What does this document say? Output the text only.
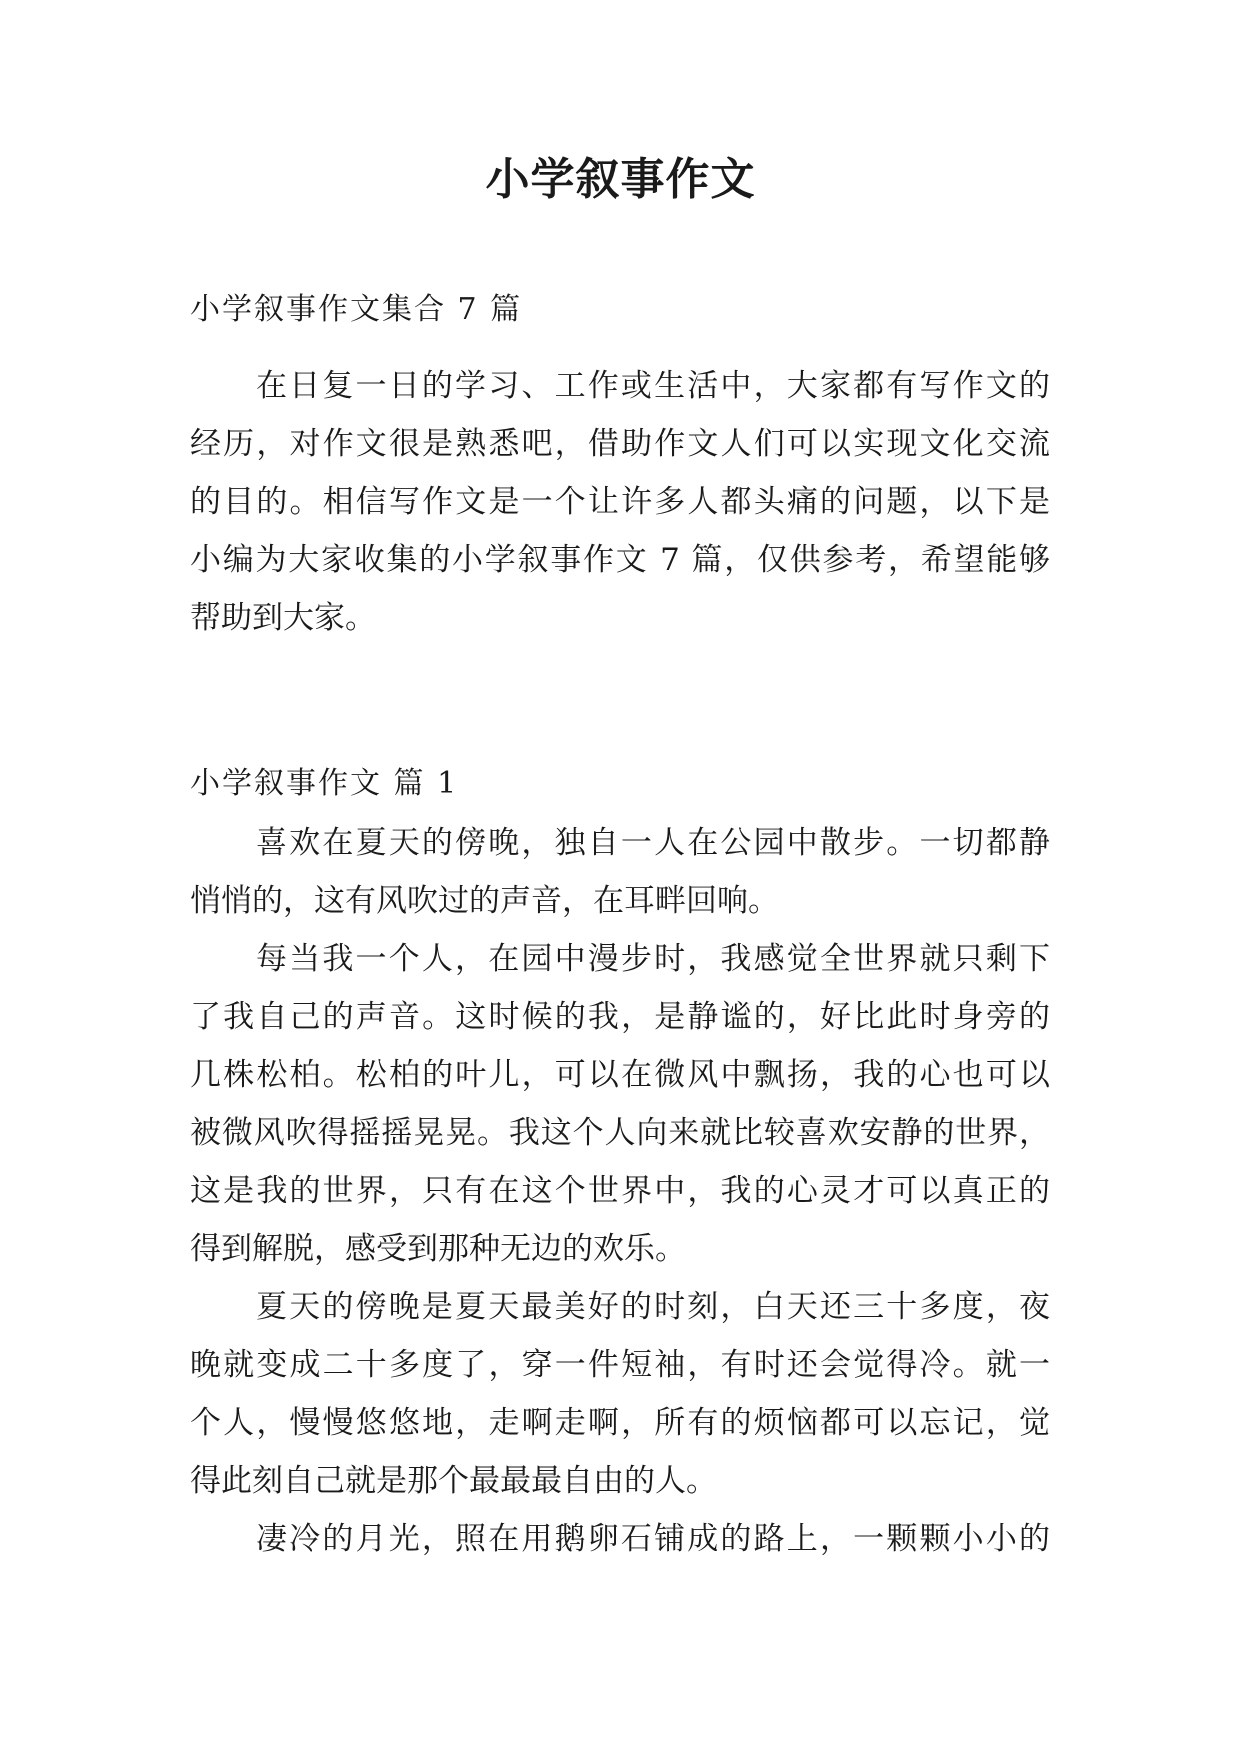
小学叙事作文

小学叙事作文集合 7 篇

在日复一日的学习、工作或生活中，大家都有写作文的
经历，对作文很是熟悉吧，借助作文人们可以实现文化交流
的目的。相信写作文是一个让许多人都头痛的问题，以下是
小编为大家收集的小学叙事作文 7 篇，仅供参考，希望能够
帮助到大家。

小学叙事作文 篇 1

喜欢在夏天的傍晚，独自一人在公园中散步。一切都静
悄悄的，这有风吹过的声音，在耳畔回响。
每当我一个人，在园中漫步时，我感觉全世界就只剩下
了我自己的声音。这时候的我，是静谧的，好比此时身旁的
几株松柏。松柏的叶儿，可以在微风中飘扬，我的心也可以
被微风吹得摇摇晃晃。我这个人向来就比较喜欢安静的世界，
这是我的世界，只有在这个世界中，我的心灵才可以真正的
得到解脱，感受到那种无边的欢乐。
夏天的傍晚是夏天最美好的时刻，白天还三十多度，夜
晚就变成二十多度了，穿一件短袖，有时还会觉得冷。就一
个人，慢慢悠悠地，走啊走啊，所有的烦恼都可以忘记，觉
得此刻自己就是那个最最最自由的人。
凄冷的月光，照在用鹅卵石铺成的路上，一颗颗小小的
